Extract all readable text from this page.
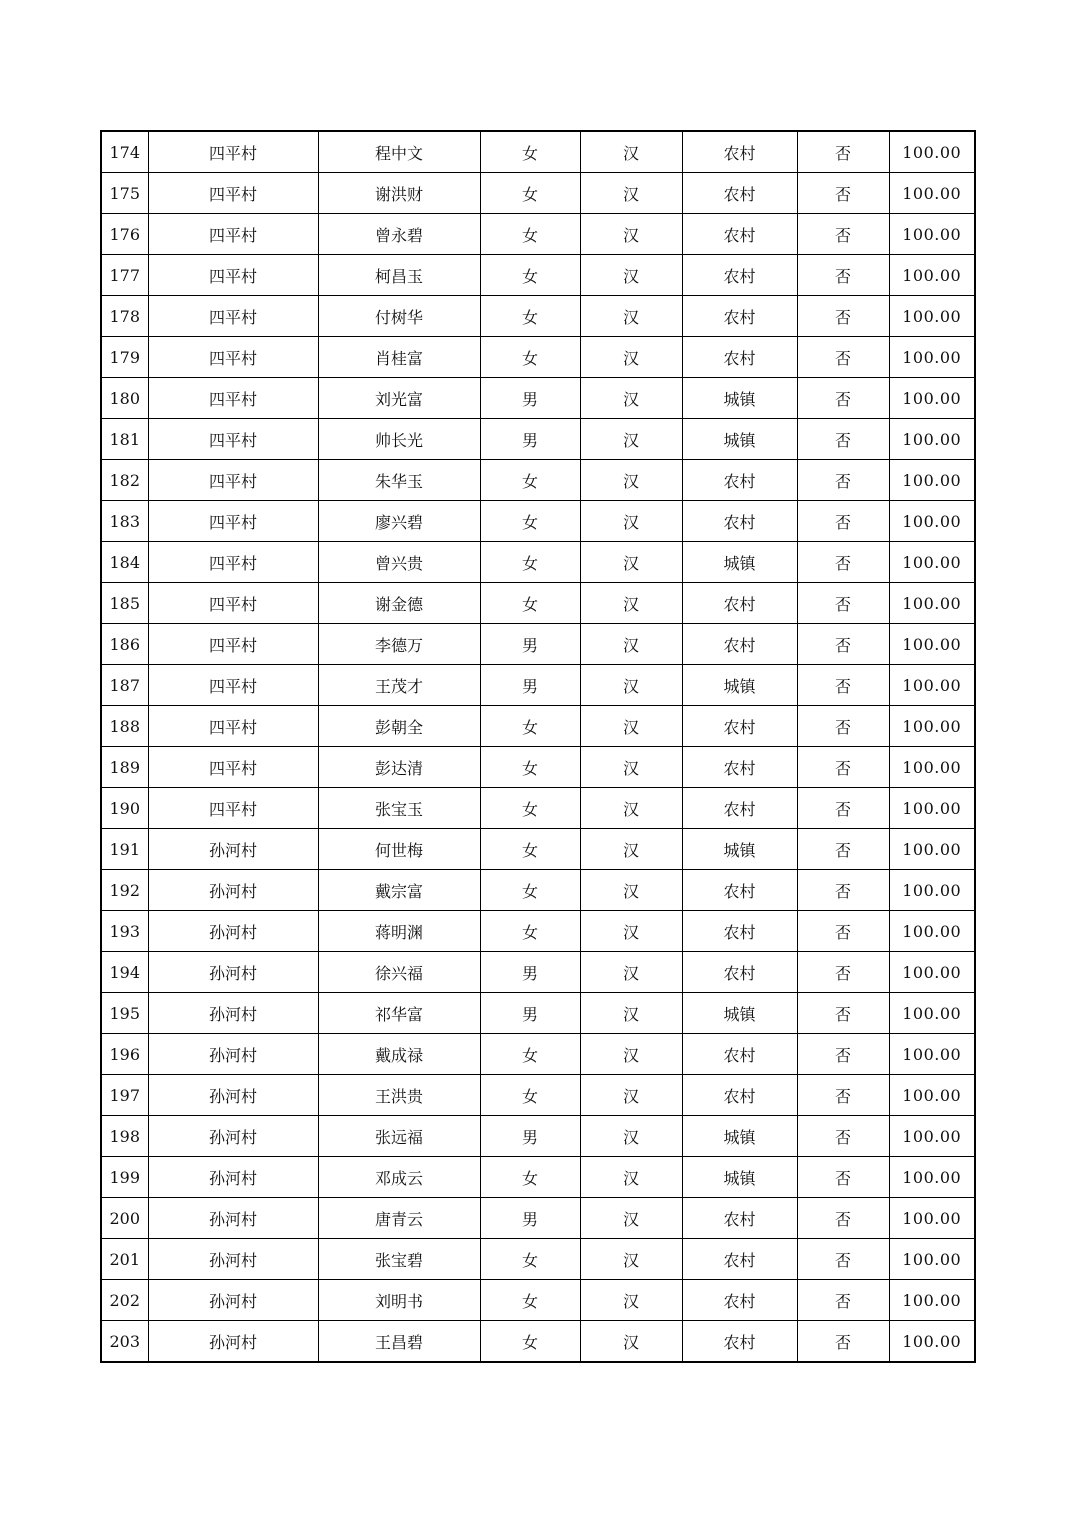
174	四平村	程中文	女	汉	农村	否	100.00
175	四平村	谢洪财	女	汉	农村	否	100.00
176	四平村	曾永碧	女	汉	农村	否	100.00
177	四平村	柯昌玉	女	汉	农村	否	100.00
178	四平村	付树华	女	汉	农村	否	100.00
179	四平村	肖桂富	女	汉	农村	否	100.00
180	四平村	刘光富	男	汉	城镇	否	100.00
181	四平村	帅长光	男	汉	城镇	否	100.00
182	四平村	朱华玉	女	汉	农村	否	100.00
183	四平村	廖兴碧	女	汉	农村	否	100.00
184	四平村	曾兴贵	女	汉	城镇	否	100.00
185	四平村	谢金德	女	汉	农村	否	100.00
186	四平村	李德万	男	汉	农村	否	100.00
187	四平村	王茂才	男	汉	城镇	否	100.00
188	四平村	彭朝全	女	汉	农村	否	100.00
189	四平村	彭达清	女	汉	农村	否	100.00
190	四平村	张宝玉	女	汉	农村	否	100.00
191	孙河村	何世梅	女	汉	城镇	否	100.00
192	孙河村	戴宗富	女	汉	农村	否	100.00
193	孙河村	蒋明渊	女	汉	农村	否	100.00
194	孙河村	徐兴福	男	汉	农村	否	100.00
195	孙河村	祁华富	男	汉	城镇	否	100.00
196	孙河村	戴成禄	女	汉	农村	否	100.00
197	孙河村	王洪贵	女	汉	农村	否	100.00
198	孙河村	张远福	男	汉	城镇	否	100.00
199	孙河村	邓成云	女	汉	城镇	否	100.00
200	孙河村	唐青云	男	汉	农村	否	100.00
201	孙河村	张宝碧	女	汉	农村	否	100.00
202	孙河村	刘明书	女	汉	农村	否	100.00
203	孙河村	王昌碧	女	汉	农村	否	100.00
